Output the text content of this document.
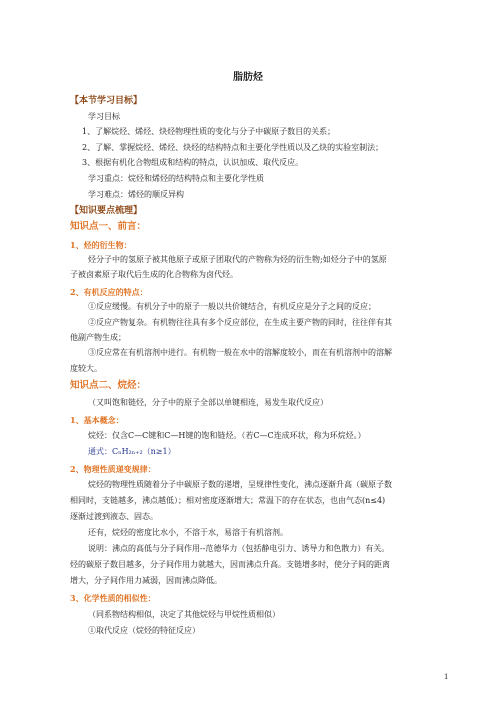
脂肪烃
【本节学习目标】
学习目标
1、了解烷烃、烯烃、炔烃物理性质的变化与分子中碳原子数目的关系；
2、了解、掌握烷烃、烯烃、炔烃的结构特点和主要化学性质以及乙炔的实验室制法；
3、根据有机化合物组成和结构的特点，认识加成、取代反应。
学习重点：烷烃和烯烃的结构特点和主要化学性质
学习难点：烯烃的顺反异构
【知识要点梳理】
知识点一、前言：
1、烃的衍生物：
烃分子中的氢原子被其他原子或原子团取代的产物称为烃的衍生物;如烃分子中的氢原
子被卤素原子取代后生成的化合物称为卤代烃。
2、有机反应的特点：
①反应缓慢。有机分子中的原子一般以共价键结合，有机反应是分子之间的反应；
②反应产物复杂。有机物往往具有多个反应部位，在生成主要产物的同时，往往伴有其
他副产物生成；
③反应常在有机溶剂中进行。有机物一般在水中的溶解度较小，而在有机溶剂中的溶解
度较大。
知识点二、烷烃：
（又叫饱和链烃，分子中的原子全部以单键相连，易发生取代反应）
1、基本概念：
烷烃：仅含C—C键和C—H键的饱和链烃。（若C—C连成环状，称为环烷烃。）
通式：CₙH₂ₙ₊₂（n≥1）
2、物理性质递变规律：
烷烃的物理性质随着分子中碳原子数的递增，呈规律性变化，沸点逐渐升高（碳原子数
相同时，支链越多，沸点越低）；相对密度逐渐增大；常温下的存在状态，也由气态(n≤4)
逐渐过渡到液态、固态。
还有，烷烃的密度比水小，不溶于水，易溶于有机溶剂。
说明：沸点的高低与分子间作用--范德华力（包括静电引力、诱导力和色散力）有关。
烃的碳原子数目越多，分子间作用力就越大，因而沸点升高。支链增多时，使分子间的距离
增大，分子间作用力减弱，因而沸点降低。
3、化学性质的相似性：
（同系物结构相似，决定了其他烷烃与甲烷性质相似）
①取代反应（烷烃的特征反应）
1
